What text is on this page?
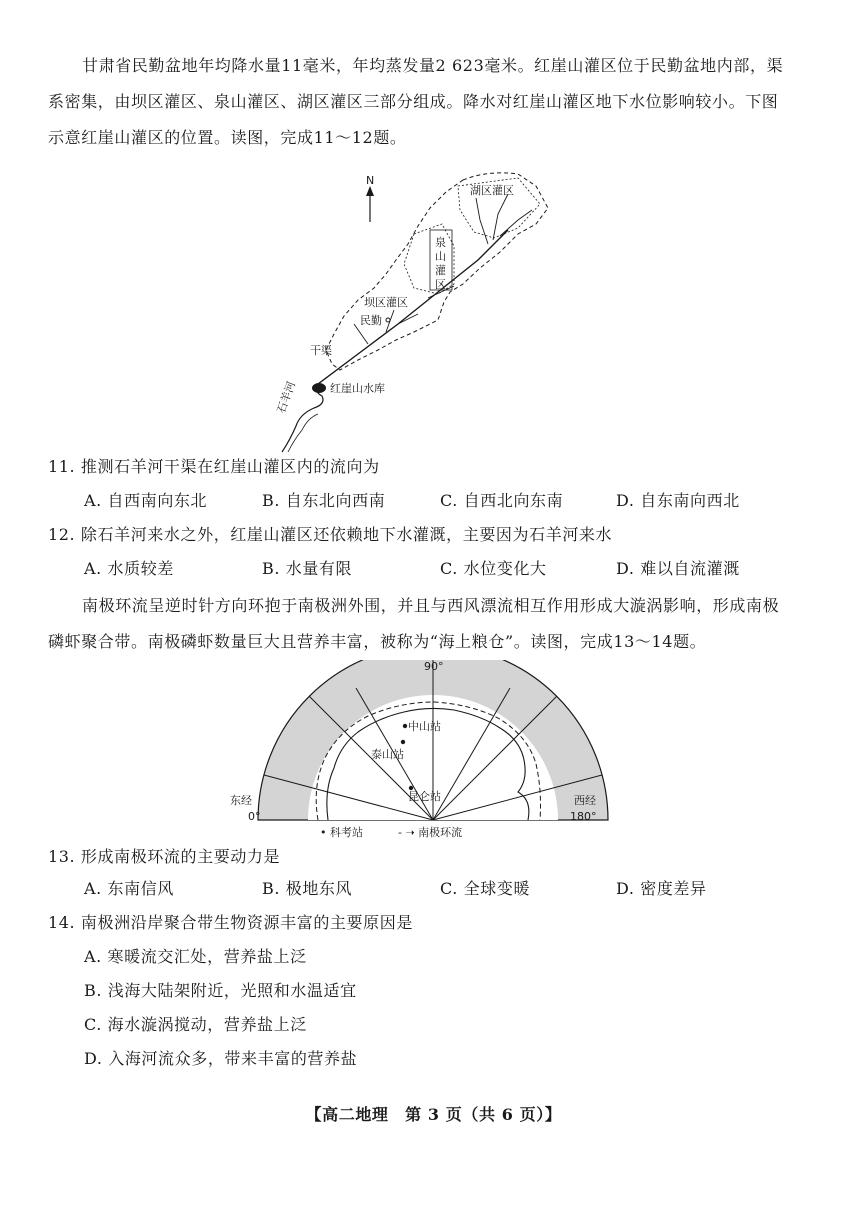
甘肃省民勤盆地年均降水量11毫米，年均蒸发量2 623毫米。红崖山灌区位于民勤盆地内部，渠系密集，由坝区灌区、泉山灌区、湖区灌区三部分组成。降水对红崖山灌区地下水位影响较小。下图示意红崖山灌区的位置。读图，完成11～12题。
N
湖区灌区
泉
山
灌
区
坝区灌区
民勤
干渠
红崖山水库
石羊河
11. 推测石羊河干渠在红崖山灌区内的流向为
A. 自西南向东北	B. 自东北向西南	C. 自西北向东南	D. 自东南向西北
12. 除石羊河来水之外，红崖山灌区还依赖地下水灌溉，主要因为石羊河来水
A. 水质较差	B. 水量有限	C. 水位变化大	D. 难以自流灌溉
南极环流呈逆时针方向环抱于南极洲外围，并且与西风漂流相互作用形成大漩涡影响，形成南极磷虾聚合带。南极磷虾数量巨大且营养丰富，被称为“海上粮仓”。读图，完成13～14题。
90°
中山站
泰山站
昆仑站
东经
0°
西经
180°
• 科考站	- ➝ 南极环流
13. 形成南极环流的主要动力是
A. 东南信风	B. 极地东风	C. 全球变暖	D. 密度差异
14. 南极洲沿岸聚合带生物资源丰富的主要原因是
A. 寒暖流交汇处，营养盐上泛
B. 浅海大陆架附近，光照和水温适宜
C. 海水漩涡搅动，营养盐上泛
D. 入海河流众多，带来丰富的营养盐
【高二地理　第 3 页（共 6 页）】
